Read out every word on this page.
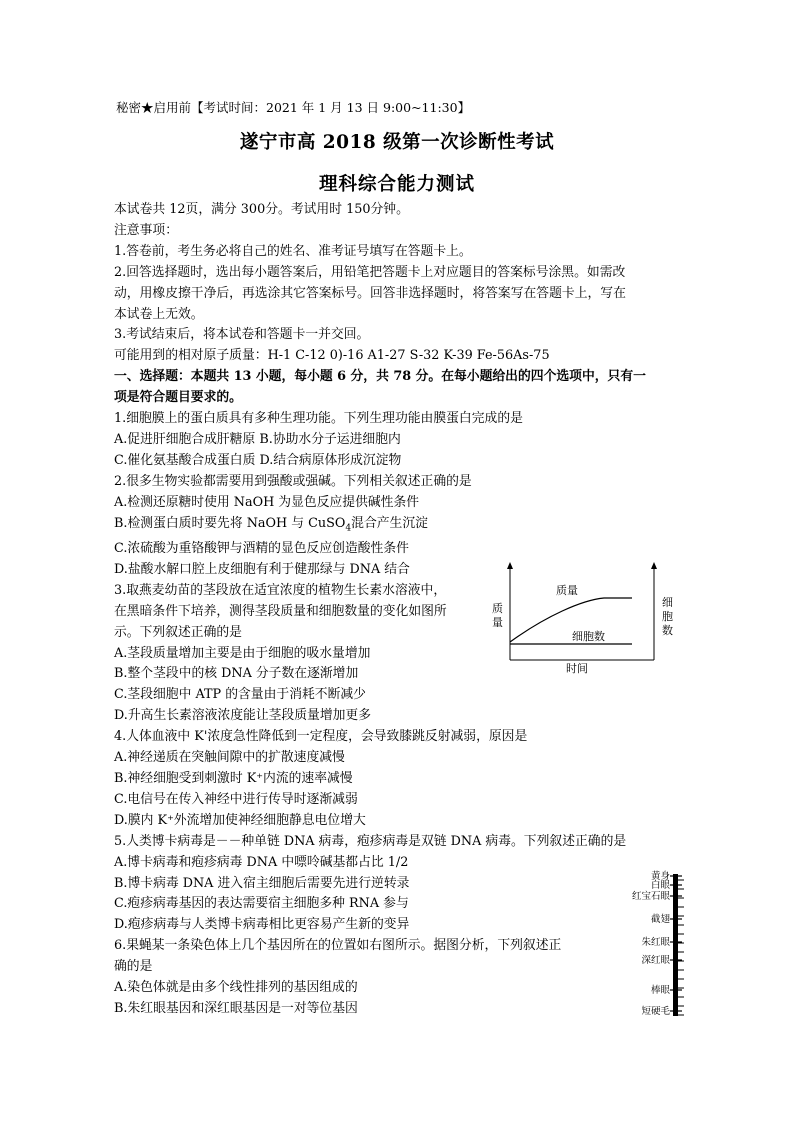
秘密★启用前【考试时间：2021 年 1 月 13 日 9:00~11:30】
遂宁市高 2018 级第一次诊断性考试
理科综合能力测试
本试卷共 12页，满分 300分。考试用时 150分钟。
注意事项：
1.答卷前，考生务必将自己的姓名、准考证号填写在答题卡上。
2.回答选择题时，选出每小题答案后，用铅笔把答题卡上对应题目的答案标号涂黑。如需改
动，用橡皮擦干净后，再选涂其它答案标号。回答非选择题时，将答案写在答题卡上，写在
本试卷上无效。
3.考试结束后，将本试卷和答题卡一并交回。
可能用到的相对原子质量：H-1 C-12 0)-16 A1-27 S-32 K-39 Fe-56As-75
一、选择题：本题共 13 小题，每小题 6 分，共 78 分。在每小题给出的四个选项中，只有一
项是符合题目要求的。
1.细胞膜上的蛋白质具有多种生理功能。下列生理功能由膜蛋白完成的是
A.促进肝细胞合成肝糖原 B.协助水分子运进细胞内
C.催化氨基酸合成蛋白质 D.结合病原体形成沉淀物
2.很多生物实验都需要用到强酸或强碱。下列相关叙述正确的是
A.检测还原糖时使用 NaOH 为显色反应提供碱性条件
B.检测蛋白质时要先将 NaOH 与 CuSO$_4$混合产生沉淀
C.浓硫酸为重铬酸钾与酒精的显色反应创造酸性条件
D.盐酸水解口腔上皮细胞有利于健那绿与 DNA 结合
3.取燕麦幼苗的茎段放在适宜浓度的植物生长素水溶液中，
在黑暗条件下培养，测得茎段质量和细胞数量的变化如图所
示。下列叙述正确的是
A.茎段质量增加主要是由于细胞的吸水量增加
B.整个茎段中的核 DNA 分子数在逐渐增加
C.茎段细胞中 ATP 的含量由于消耗不断减少
D.升高生长素溶液浓度能让茎段质量增加更多
4.人体血液中 K'浓度急性降低到一定程度，会导致膝跳反射减弱，原因是
A.神经递质在突触间隙中的扩散速度减慢
B.神经细胞受到刺激时 K⁺内流的速率减慢
C.电信号在传入神经中进行传导时逐渐减弱
D.膜内 K⁺外流增加使神经细胞静息电位增大
5.人类博卡病毒是－－种单链 DNA 病毒，疱疹病毒是双链 DNA 病毒。下列叙述正确的是
A.博卡病毒和疱疹病毒 DNA 中嘌呤碱基都占比 1/2
B.博卡病毒 DNA 进入宿主细胞后需要先进行逆转录
C.疱疹病毒基因的表达需要宿主细胞多种 RNA 参与
D.疱疹病毒与人类博卡病毒相比更容易产生新的变异
6.果蝇某一条染色体上几个基因所在的位置如右图所示。据图分析，下列叙述正
确的是
A.染色体就是由多个线性排列的基因组成的
B.朱红眼基因和深红眼基因是一对等位基因
质
量
质量
细胞数
时间
细
胞
数
黄身
白眼
红宝石眼
截翅
朱红眼
深红眼
棒眼
短硬毛
